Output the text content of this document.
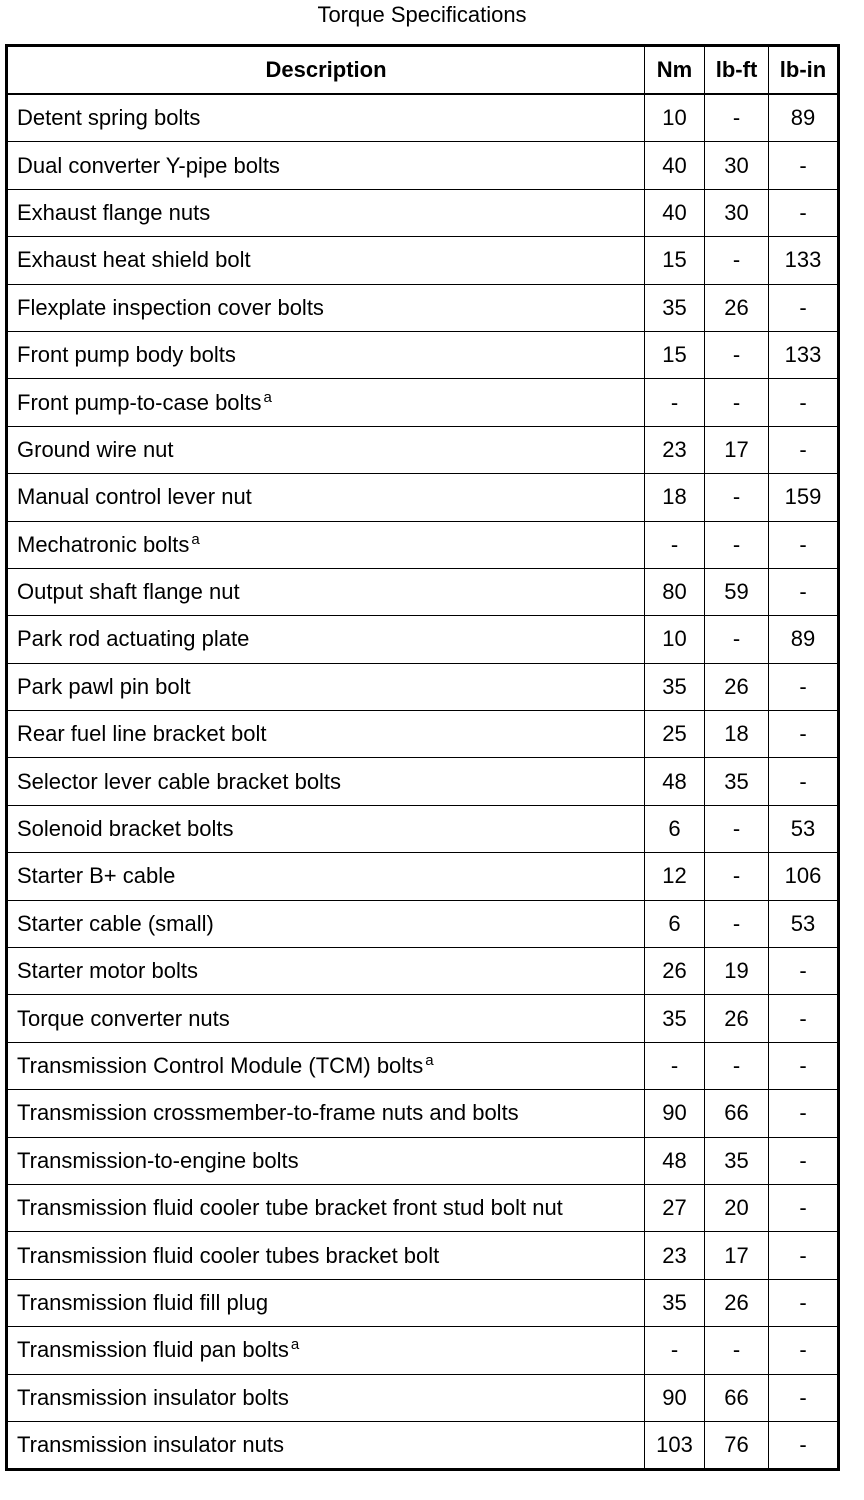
Torque Specifications
Description	Nm	lb-ft	lb-in
Detent spring bolts	10	-	89
Dual converter Y-pipe bolts	40	30	-
Exhaust flange nuts	40	30	-
Exhaust heat shield bolt	15	-	133
Flexplate inspection cover bolts	35	26	-
Front pump body bolts	15	-	133
Front pump-to-case bolts $^a$	-	-	-
Ground wire nut	23	17	-
Manual control lever nut	18	-	159
Mechatronic bolts $^a$	-	-	-
Output shaft flange nut	80	59	-
Park rod actuating plate	10	-	89
Park pawl pin bolt	35	26	-
Rear fuel line bracket bolt	25	18	-
Selector lever cable bracket bolts	48	35	-
Solenoid bracket bolts	6	-	53
Starter B+ cable	12	-	106
Starter cable (small)	6	-	53
Starter motor bolts	26	19	-
Torque converter nuts	35	26	-
Transmission Control Module (TCM) bolts $^a$	-	-	-
Transmission crossmember-to-frame nuts and bolts	90	66	-
Transmission-to-engine bolts	48	35	-
Transmission fluid cooler tube bracket front stud bolt nut	27	20	-
Transmission fluid cooler tubes bracket bolt	23	17	-
Transmission fluid fill plug	35	26	-
Transmission fluid pan bolts $^a$	-	-	-
Transmission insulator bolts	90	66	-
Transmission insulator nuts	103	76	-
